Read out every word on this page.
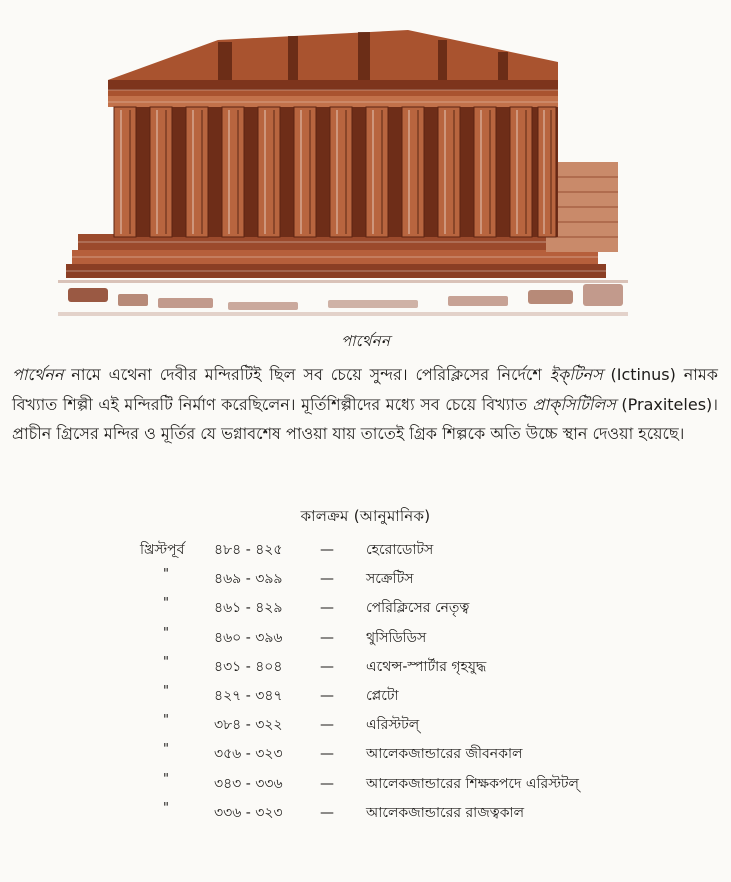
পার্থেনন

পার্থেনন নামে এথেনা দেবীর মন্দিরটিই ছিল সব চেয়ে সুন্দর। পেরিক্লিসের নির্দেশে ইক্‌টিনস (Ictinus) নামক বিখ্যাত শিল্পী এই মন্দিরটি নির্মাণ করেছিলেন। মূর্তিশিল্পীদের মধ্যে সব চেয়ে বিখ্যাত প্রাক্‌সিটিলিস (Praxiteles)। প্রাচীন গ্রিসের মন্দির ও মূর্তির যে ভগ্নাবশেষ পাওয়া যায় তাতেই গ্রিক শিল্পকে অতি উচ্চে স্থান দেওয়া হয়েছে।

কালক্রম (আনুমানিক)
খ্রিস্টপূর্ব	৪৮৪ - ৪২৫	—	হেরোডোটস
"	৪৬৯ - ৩৯৯	—	সক্রেটিস
"	৪৬১ - ৪২৯	—	পেরিক্লিসের নেতৃত্ব
"	৪৬০ - ৩৯৬	—	থুসিডিডিস
"	৪৩১ - ৪০৪	—	এথেন্স-স্পার্টার গৃহযুদ্ধ
"	৪২৭ - ৩৪৭	—	প্লেটো
"	৩৮৪ - ৩২২	—	এরিস্টটল্‌
"	৩৫৬ - ৩২৩	—	আলেকজান্ডারের জীবনকাল
"	৩৪৩ - ৩৩৬	—	আলেকজান্ডারের শিক্ষকপদে এরিস্টটল্‌
"	৩৩৬ - ৩২৩	—	আলেকজান্ডারের রাজত্বকাল
